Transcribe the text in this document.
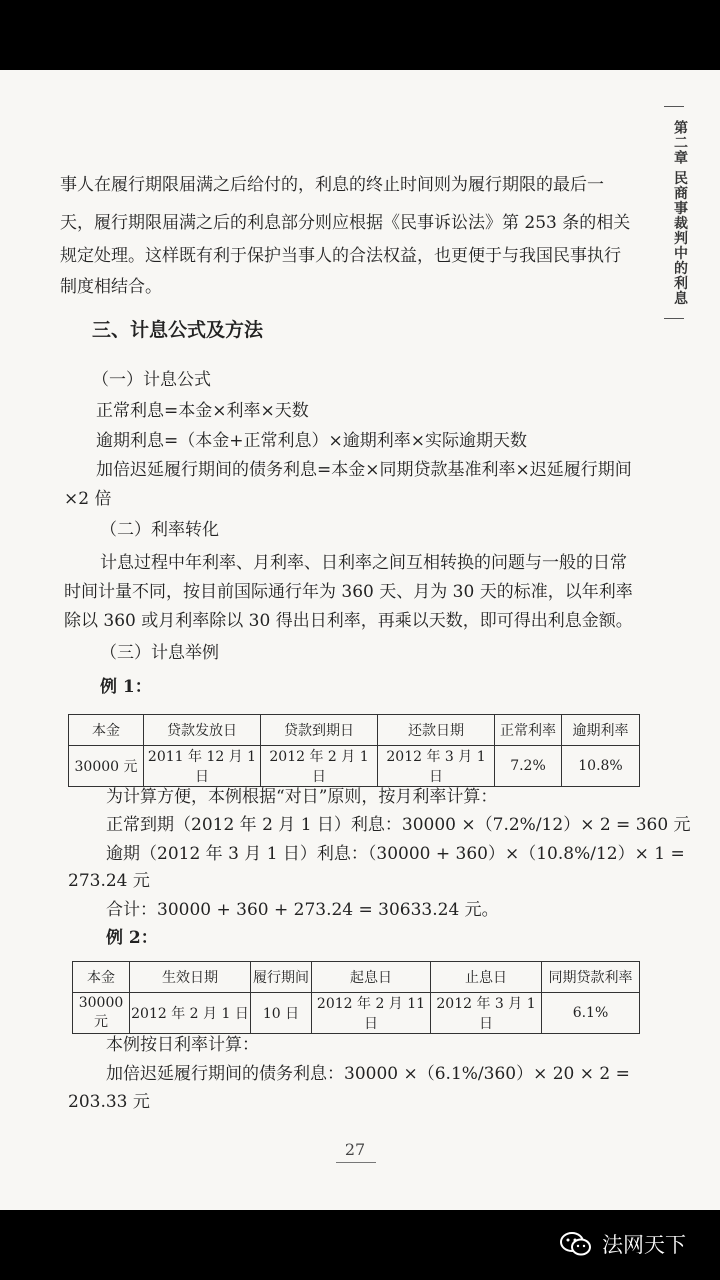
第二章 民商事裁判中的利息
事人在履行期限届满之后给付的，利息的终止时间则为履行期限的最后一
天，履行期限届满之后的利息部分则应根据《民事诉讼法》第 253 条的相关
规定处理。这样既有利于保护当事人的合法权益，也更便于与我国民事执行
制度相结合。
三、计息公式及方法
（一）计息公式
正常利息=本金×利率×天数
逾期利息=（本金+正常利息）×逾期利率×实际逾期天数
加倍迟延履行期间的债务利息=本金×同期贷款基准利率×迟延履行期间
×2 倍
（二）利率转化
计息过程中年利率、月利率、日利率之间互相转换的问题与一般的日常
时间计量不同，按目前国际通行年为 360 天、月为 30 天的标准，以年利率
除以 360 或月利率除以 30 得出日利率，再乘以天数，即可得出利息金额。
（三）计息举例
例 1：
本金	贷款发放日	贷款到期日	还款日期	正常利率	逾期利率
30000 元	2011 年 12 月 1 日	2012 年 2 月 1 日	2012 年 3 月 1 日	7.2%	10.8%
为计算方便，本例根据“对日”原则，按月利率计算：
正常到期（2012 年 2 月 1 日）利息：30000 ×（7.2%/12）× 2 = 360 元
逾期（2012 年 3 月 1 日）利息：（30000 + 360）×（10.8%/12）× 1 =
273.24 元
合计：30000 + 360 + 273.24 = 30633.24 元。
例 2：
本金	生效日期	履行期间	起息日	止息日	同期贷款利率
30000 元	2012 年 2 月 1 日	10 日	2012 年 2 月 11 日	2012 年 3 月 1 日	6.1%
本例按日利率计算：
加倍迟延履行期间的债务利息：30000 ×（6.1%/360）× 20 × 2 =
203.33 元
27
法网天下
